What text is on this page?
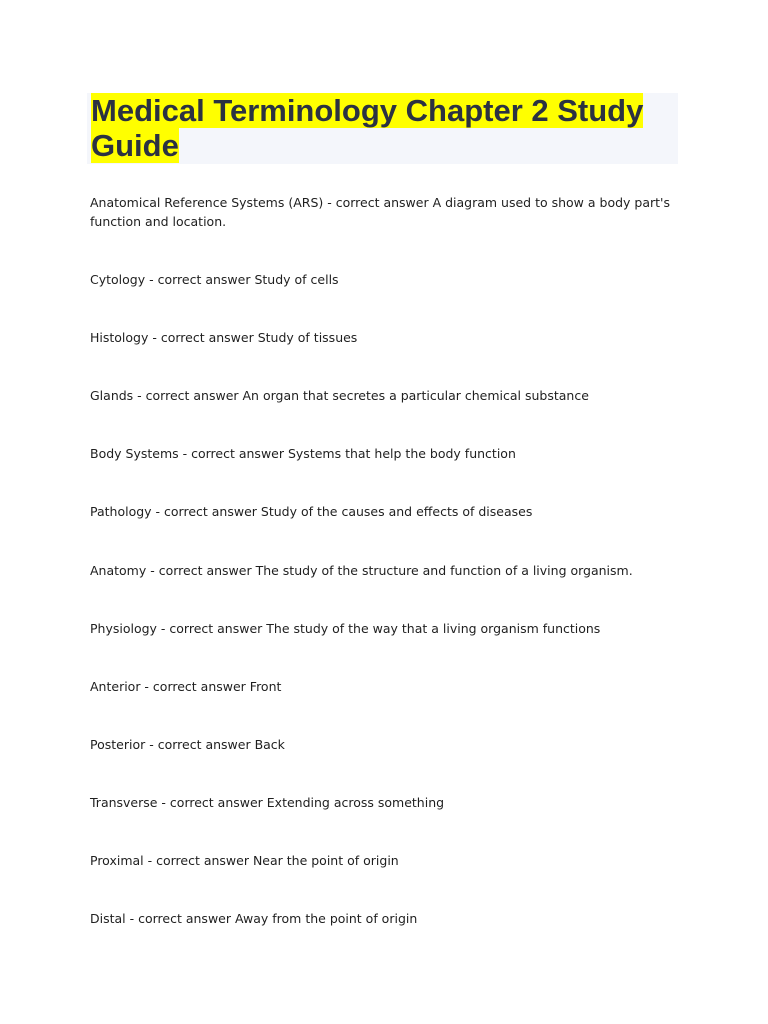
Medical Terminology Chapter 2 Study Guide

Anatomical Reference Systems (ARS) - correct answer A diagram used to show a body part's function and location.

Cytology - correct answer Study of cells

Histology - correct answer Study of tissues

Glands - correct answer An organ that secretes a particular chemical substance

Body Systems - correct answer Systems that help the body function

Pathology - correct answer Study of the causes and effects of diseases

Anatomy - correct answer The study of the structure and function of a living organism.

Physiology - correct answer The study of the way that a living organism functions

Anterior - correct answer Front

Posterior - correct answer Back

Transverse - correct answer Extending across something

Proximal - correct answer Near the point of origin

Distal - correct answer Away from the point of origin
